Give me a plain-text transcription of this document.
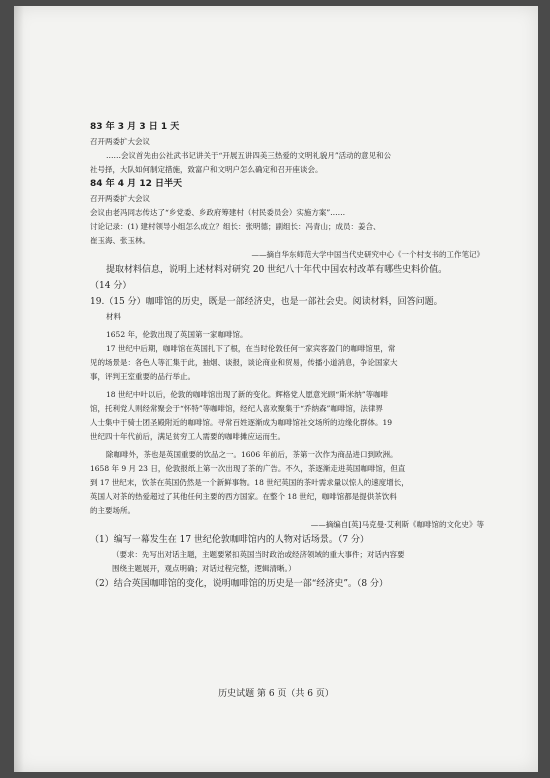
83 年 3 月 3 日 1 天

召开两委扩大会议

……会议首先由公社武书记讲关于“开展五讲四美三热爱的文明礼貌月”活动的意见和公

社号择，大队如何制定措施，致富户和文明户怎么确定和召开座谈会。

84 年 4 月 12 日半天

召开两委扩大会议

会议由老冯同志传达了“乡党委、乡政府筹建村（村民委员会）实施方案”……

讨论记录：(1) 建村领导小组怎么成立？组长：张明德；副组长：冯青山；成员：姜合、

崔玉海、张玉林。

——摘自华东师范大学中国当代史研究中心《一个村支书的工作笔记》

提取材料信息，说明上述材料对研究 20 世纪八十年代中国农村改革有哪些史料价值。

（14 分）

19.（15 分）咖啡馆的历史，既是一部经济史，也是一部社会史。阅读材料，回答问题。

材料

1652 年，伦敦出现了英国第一家咖啡馆。

17 世纪中后期，咖啡馆在英国扎下了根，在当时伦敦任何一家宾客盈门的咖啡馆里，常

见的场景是：各色人等汇集于此，抽烟、谈报，谈论商业和贸易，传播小道消息，争论国家大

事，评判王室重要的品行举止。

18 世纪中叶以后，伦敦的咖啡馆出现了新的变化。辉格党人愿意光顾“斯米纳”等咖啡

馆，托利党人则经常聚会于“怀特”等咖啡馆，经纪人喜欢聚集于“乔纳森”咖啡馆，法律界

人士集中于骑士团圣殿附近的咖啡馆。寻常百姓逐渐成为咖啡馆社交场所的边缘化群体。19

世纪四十年代前后，满足贫穷工人需要的咖啡摊应运而生。

除咖啡外，茶也是英国重要的饮品之一。1606 年前后，茶第一次作为商品进口到欧洲。

1658 年 9 月 23 日，伦敦报纸上第一次出现了茶的广告。不久，茶逐渐走进英国咖啡馆，但直

到 17 世纪末，饮茶在英国仍然是一个新鲜事物。18 世纪英国的茶叶需求量以惊人的速度增长，

英国人对茶的热爱超过了其他任何主要的西方国家。在整个 18 世纪，咖啡馆都是提供茶饮料

的主要场所。

——摘编自[英]马克曼·艾利斯《咖啡馆的文化史》等

（1）编写一幕发生在 17 世纪伦敦咖啡馆内的人物对话场景。（7 分）

（要求：先写出对话主题，主题要紧扣英国当时政治或经济领域的重大事件；对话内容要

围绕主题展开，观点明确；对话过程完整，逻辑清晰。）

（2）结合英国咖啡馆的变化，说明咖啡馆的历史是一部“经济史”。（8 分）

历史试题 第 6 页（共 6 页）
